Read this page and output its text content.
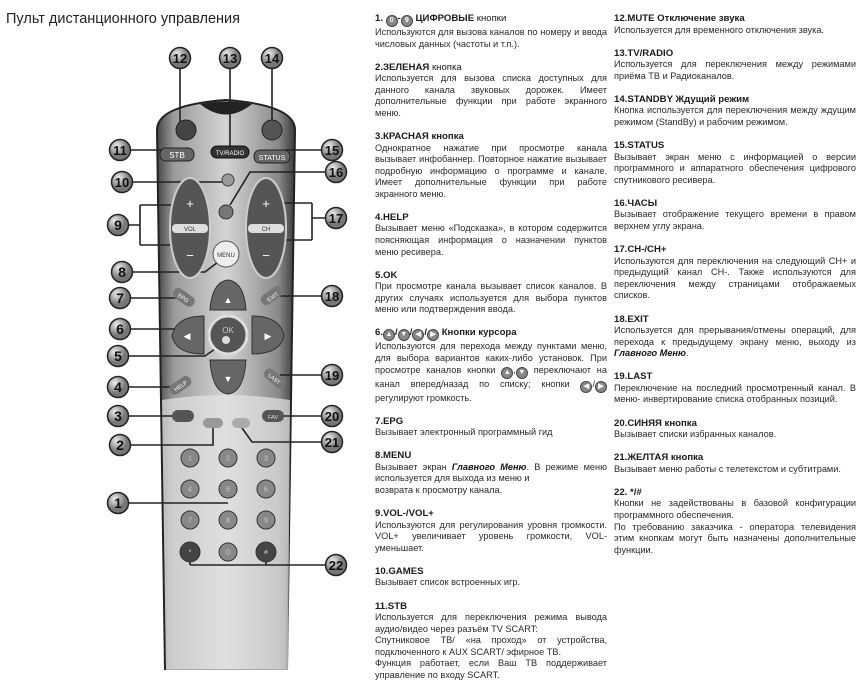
Пульт дистанционного управления
STB	TV/RADIO
STATUS
+
−
VOL
+
−
CH
MENU
EPG	EXIT
▲
▼
◀	▶
OK
HELP
LAST
FAV
1	2	3
4	5	6
7	8	9
*	0	#
1
2
3
4
5
6
7
8
9
10
11
12	13 14
15
16
17
18
19
20
21
22
1. 0 - 9 ЦИФРОВЫЕ кнопки
Используются для вызова каналов по номеру и ввода числовых данных (частоты и т.п.).
2.ЗЕЛЕНАЯ кнопка
Используется для вызова списка доступных для данного канала звуковых дорожек. Имеет дополнительные функции при работе экранного меню.
3.КРАСНАЯ кнопка
Однократное нажатие при просмотре канала вызывает инфобаннер. Повторное нажатие вызывает подробную информацию о программе и канале. Имеет дополнительные функции при работе экранного меню.
4.HELP
Вызывает меню «Подсказка», в котором содержится поясняющая информация о назначении пунктов меню ресивера.
5.OK
При просмотре канала вызывает список каналов. В других случаях используется для выбора пунктов меню или подтверждения ввода.
6. ▲ / ▼ / ◀ / ▶ Кнопки курсора
Используются для перехода между пунктами меню, для выбора вариантов каких-либо установок. При просмотре каналов кнопки ▲ , ▼ переключают на канал вперед/назад по списку; кнопки ◀ / ▶ регулируют громкость.
7.EPG
Вызывает электронный программный гид
8.MENU
Вызывает экран Главного Меню. В режиме меню используется для выхода из меню и
возврата к просмотру канала.
9.VOL-/VOL+
Используются для регулирования уровня громкости. VOL+ увеличивает уровень громкости, VOL- уменьшает.
10.GAMES
Вызывает список встроенных игр.
11.STB
Используется для переключения режима вывода аудио/видео через разъём TV SCART:
Спутниковое ТВ/ «на проход» от устройства, подключенного к AUX SCART/ эфирное ТВ.
Функция работает, если Ваш ТВ поддерживает управление по входу SCART.
12.MUTE Отключение звука
Используется для временного отключения звука.
13.TV/RADIO
Используется для переключения между режимами приёма ТВ и Радиоканалов.
14.STANDBY Ждущий режим
Кнопка используется для переключения между ждущим режимом (StandBy) и рабочим режимом.
15.STATUS
Вызывает экран меню с информацией о версии программного и аппаратного обеспечения цифрового спутникового ресивера.
16.ЧАСЫ
Вызывает отображение текущего времени в правом верхнем углу экрана.
17.CH-/CH+
Используются для переключения на следующий CH+ и предыдущий канал CH-. Также используются для переключения между страницами отображаемых списков.
18.EXIT
Используется для прерывания/отмены операций, для перехода к предыдущему экрану меню, выходу из Главного Меню.
19.LAST
Переключение на последний просмотренный канал. В меню- инвертирование списка отобранных позиций.
20.СИНЯЯ кнопка
Вызывает списки избранных каналов.
21.ЖЕЛТАЯ кнопка
Вызывает меню работы с телетекстом и субтитрами.
22. */#
Кнопки не задействованы в базовой конфигурации программного обеспечения.
По требованию заказчика - оператора телевидения этим кнопкам могут быть назначены дополнительные функции.
